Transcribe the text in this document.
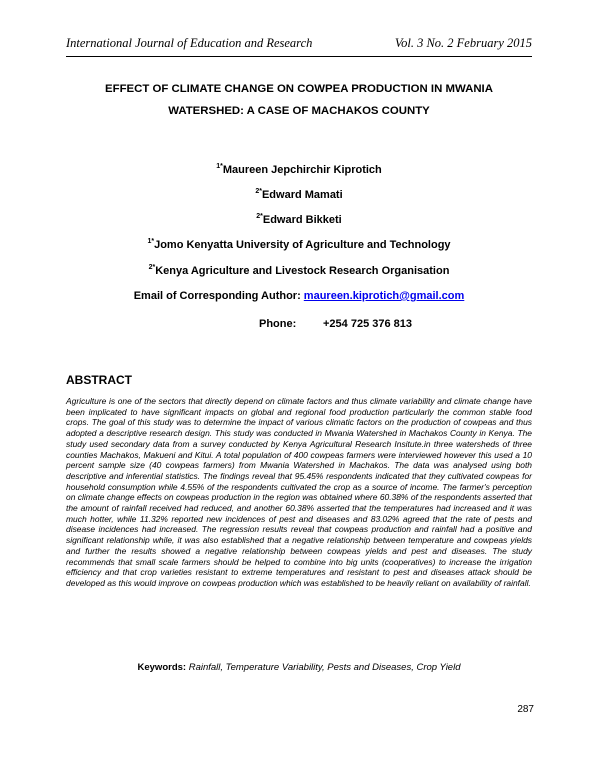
International Journal of Education and Research	Vol. 3 No. 2 February 2015
EFFECT OF CLIMATE CHANGE ON COWPEA PRODUCTION IN MWANIA
WATERSHED: A CASE OF MACHAKOS COUNTY
$^{1*}$Maureen Jepchirchir Kiprotich
$^{2*}$Edward Mamati
$^{2*}$Edward Bikketi
$^{1*}$Jomo Kenyatta University of Agriculture and Technology
$^{2*}$Kenya Agriculture and Livestock Research Organisation
Email of Corresponding Author: maureen.kiprotich@gmail.com
Phone: +254 725 376 813
ABSTRACT
Agriculture is one of the sectors that directly depend on climate factors and thus climate variability and climate change have been implicated to have significant impacts on global and regional food production particularly the common stable food crops. The goal of this study was to determine the impact of various climatic factors on the production of cowpeas and thus adopted a descriptive research design. This study was conducted in Mwania Watershed in Machakos County in Kenya. The study used secondary data from a survey conducted by Kenya Agricultural Research Insitute.in three watersheds of three counties Machakos, Makueni and Kitui. A total population of 400 cowpeas farmers were interviewed however this used a 10 percent sample size (40 cowpeas farmers) from Mwania Watershed in Machakos. The data was analysed using both descriptive and inferential statistics. The findings reveal that 95.45% respondents indicated that they cultivated cowpeas for household consumption while 4.55% of the respondents cultivated the crop as a source of income. The farmer's perception on climate change effects on cowpeas production in the region was obtained where 60.38% of the respondents asserted that the amount of rainfall received had reduced, and another 60.38% asserted that the temperatures had increased and it was much hotter, while 11.32% reported new incidences of pest and diseases and 83.02% agreed that the rate of pests and disease incidences had increased. The regression results reveal that cowpeas production and rainfall had a positive and significant relationship while, it was also established that a negative relationship between temperature and cowpeas yields and further the results showed a negative relationship between cowpeas yields and pest and diseases. The study recommends that small scale farmers should be helped to combine into big units (cooperatives) to increase the irrigation efficiency and that crop varieties resistant to extreme temperatures and resistant to pest and diseases attack should be developed as this would improve on cowpeas production which was established to be heavily reliant on availability of rainfall.
Keywords: Rainfall, Temperature Variability, Pests and Diseases, Crop Yield
287
